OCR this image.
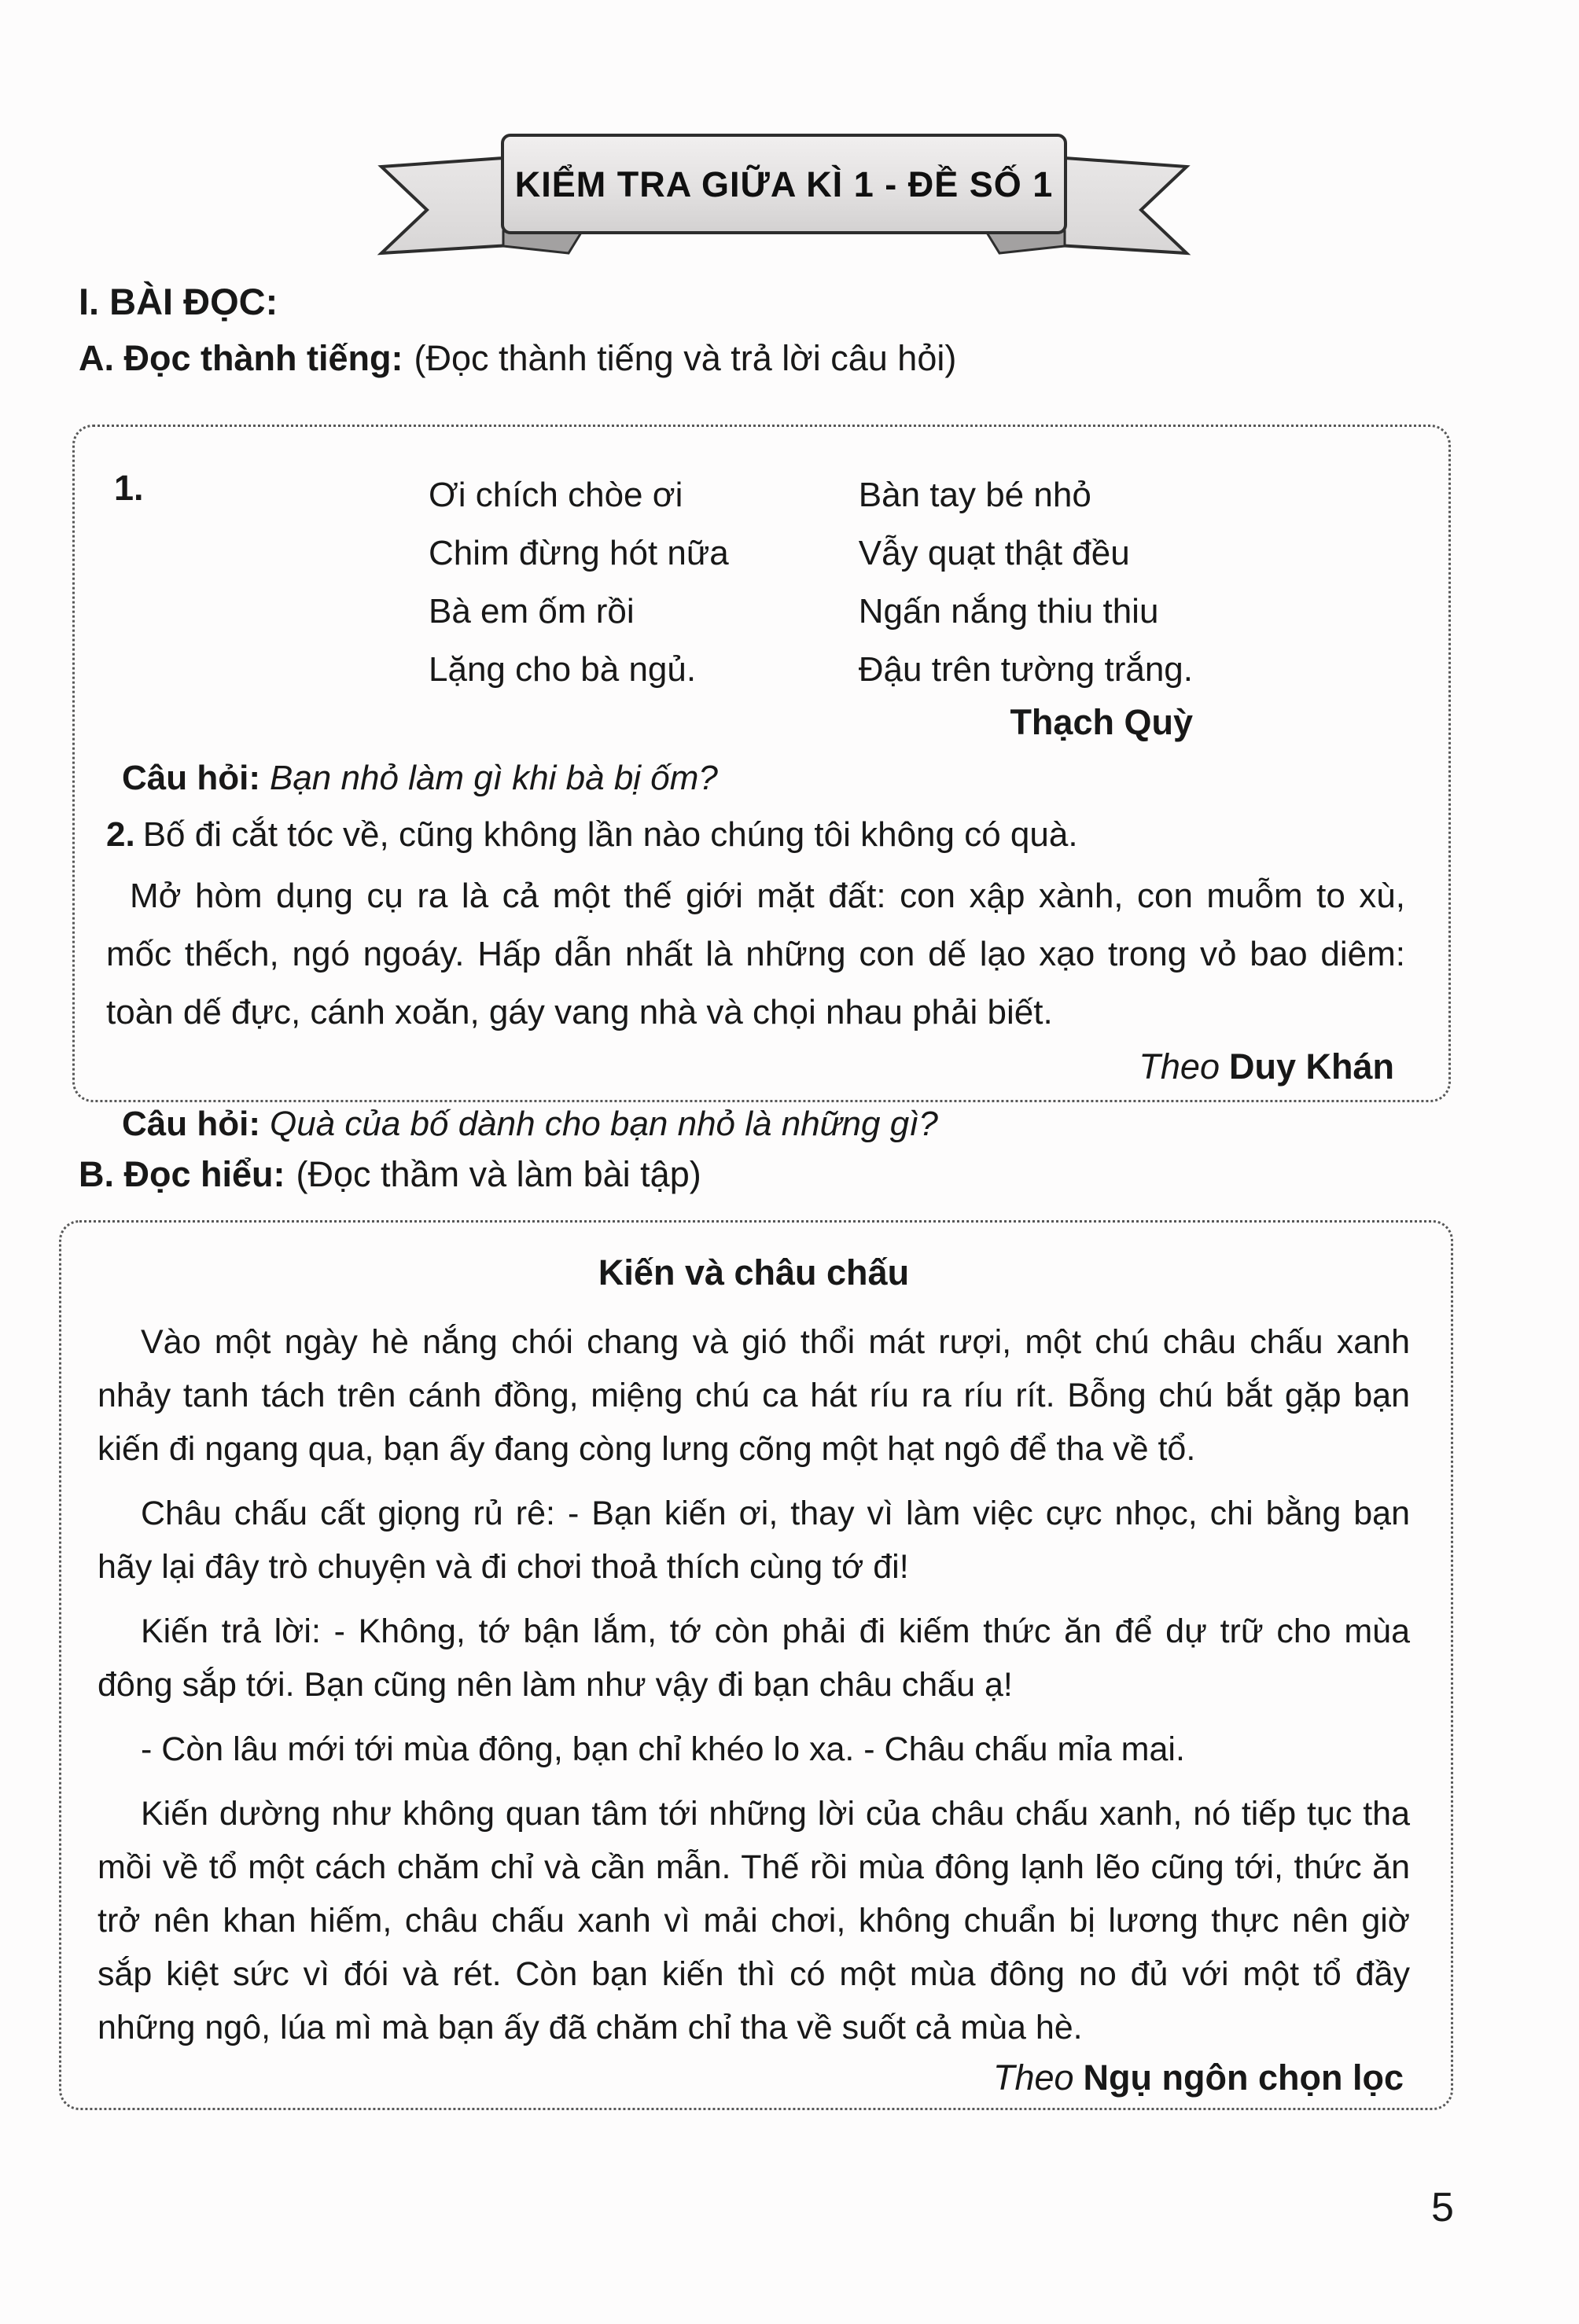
KIỂM TRA GIỮA KÌ 1 - ĐỀ SỐ 1
I. BÀI ĐỌC:
A. Đọc thành tiếng: (Đọc thành tiếng và trả lời câu hỏi)
1.	Ơi chích chòe ơi
Chim đừng hót nữa
Bà em ốm rồi
Lặng cho bà ngủ.
Bàn tay bé nhỏ
Vẫy quạt thật đều
Ngấn nắng thiu thiu
Đậu trên tường trắng.
Thạch Quỳ
Câu hỏi: Bạn nhỏ làm gì khi bà bị ốm?
2. Bố đi cắt tóc về, cũng không lần nào chúng tôi không có quà.
Mở hòm dụng cụ ra là cả một thế giới mặt đất: con xập xành, con muỗm to xù, mốc thếch, ngó ngoáy. Hấp dẫn nhất là những con dế lạo xạo trong vỏ bao diêm: toàn dế đực, cánh xoăn, gáy vang nhà và chọi nhau phải biết.
Theo Duy Khán
Câu hỏi: Quà của bố dành cho bạn nhỏ là những gì?
B. Đọc hiểu: (Đọc thầm và làm bài tập)
Kiến và châu chấu

Vào một ngày hè nắng chói chang và gió thổi mát rượi, một chú châu chấu xanh nhảy tanh tách trên cánh đồng, miệng chú ca hát ríu ra ríu rít. Bỗng chú bắt gặp bạn kiến đi ngang qua, bạn ấy đang còng lưng cõng một hạt ngô để tha về tổ.

Châu chấu cất giọng rủ rê: - Bạn kiến ơi, thay vì làm việc cực nhọc, chi bằng bạn hãy lại đây trò chuyện và đi chơi thoả thích cùng tớ đi!

Kiến trả lời: - Không, tớ bận lắm, tớ còn phải đi kiếm thức ăn để dự trữ cho mùa đông sắp tới. Bạn cũng nên làm như vậy đi bạn châu chấu ạ!

- Còn lâu mới tới mùa đông, bạn chỉ khéo lo xa. - Châu chấu mỉa mai.

Kiến dường như không quan tâm tới những lời của châu chấu xanh, nó tiếp tục tha mồi về tổ một cách chăm chỉ và cần mẫn. Thế rồi mùa đông lạnh lẽo cũng tới, thức ăn trở nên khan hiếm, châu chấu xanh vì mải chơi, không chuẩn bị lương thực nên giờ sắp kiệt sức vì đói và rét. Còn bạn kiến thì có một mùa đông no đủ với một tổ đầy những ngô, lúa mì mà bạn ấy đã chăm chỉ tha về suốt cả mùa hè.

Theo Ngụ ngôn chọn lọc
5
